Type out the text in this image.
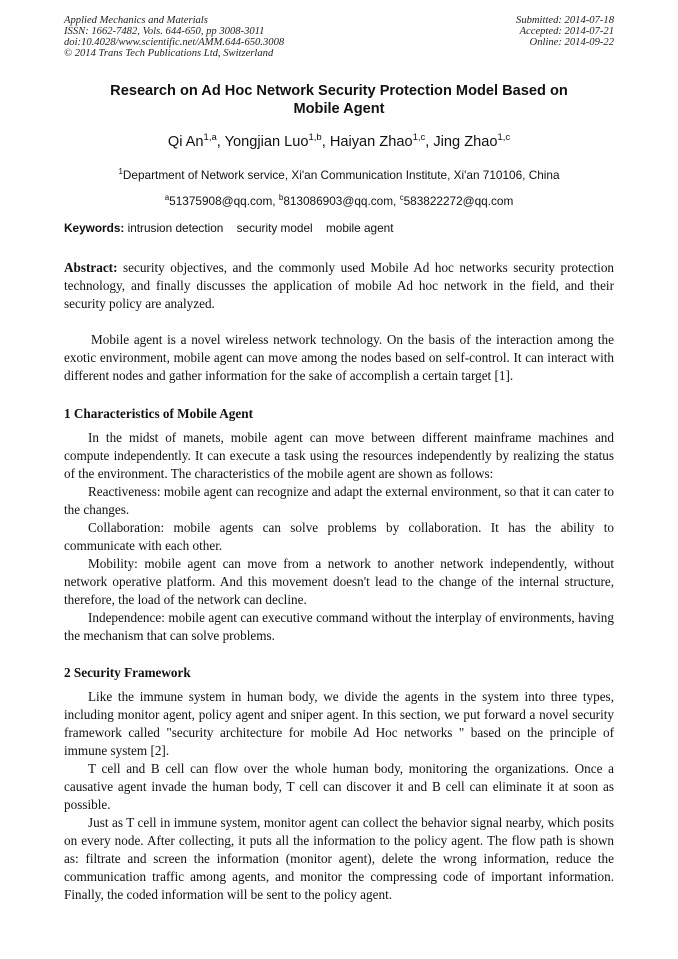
Applied Mechanics and Materials
ISSN: 1662-7482, Vols. 644-650, pp 3008-3011
doi:10.4028/www.scientific.net/AMM.644-650.3008
© 2014 Trans Tech Publications Ltd, Switzerland
Submitted: 2014-07-18
Accepted: 2014-07-21
Online: 2014-09-22
Research on Ad Hoc Network Security Protection Model Based on
Mobile Agent
Qi An$^{1,a}$, Yongjian Luo$^{1,b}$, Haiyan Zhao$^{1,c}$, Jing Zhao$^{1,c}$
$^1$Department of Network service, Xi'an Communication Institute, Xi'an 710106, China
$^a$51375908@qq.com, $^b$813086903@qq.com, $^c$583822272@qq.com
Keywords: intrusion detection security model mobile agent

Abstract: security objectives, and the commonly used Mobile Ad hoc networks security protection technology, and finally discusses the application of mobile Ad hoc network in the field, and their security policy are analyzed.

Mobile agent is a novel wireless network technology. On the basis of the interaction among the exotic environment, mobile agent can move among the nodes based on self-control. It can interact with different nodes and gather information for the sake of accomplish a certain target [1].

1 Characteristics of Mobile Agent

In the midst of manets, mobile agent can move between different mainframe machines and compute independently. It can execute a task using the resources independently by realizing the status of the environment. The characteristics of the mobile agent are shown as follows:

Reactiveness: mobile agent can recognize and adapt the external environment, so that it can cater to the changes.

Collaboration: mobile agents can solve problems by collaboration. It has the ability to communicate with each other.

Mobility: mobile agent can move from a network to another network independently, without network operative platform. And this movement doesn't lead to the change of the internal structure, therefore, the load of the network can decline.

Independence: mobile agent can executive command without the interplay of environments, having the mechanism that can solve problems.

2 Security Framework

Like the immune system in human body, we divide the agents in the system into three types, including monitor agent, policy agent and sniper agent. In this section, we put forward a novel security framework called "security architecture for mobile Ad Hoc networks " based on the principle of immune system [2].

T cell and B cell can flow over the whole human body, monitoring the organizations. Once a causative agent invade the human body, T cell can discover it and B cell can eliminate it at soon as possible.

Just as T cell in immune system, monitor agent can collect the behavior signal nearby, which posits on every node. After collecting, it puts all the information to the policy agent. The flow path is shown as: filtrate and screen the information (monitor agent), delete the wrong information, reduce the communication traffic among agents, and monitor the compressing code of important information. Finally, the coded information will be sent to the policy agent.
